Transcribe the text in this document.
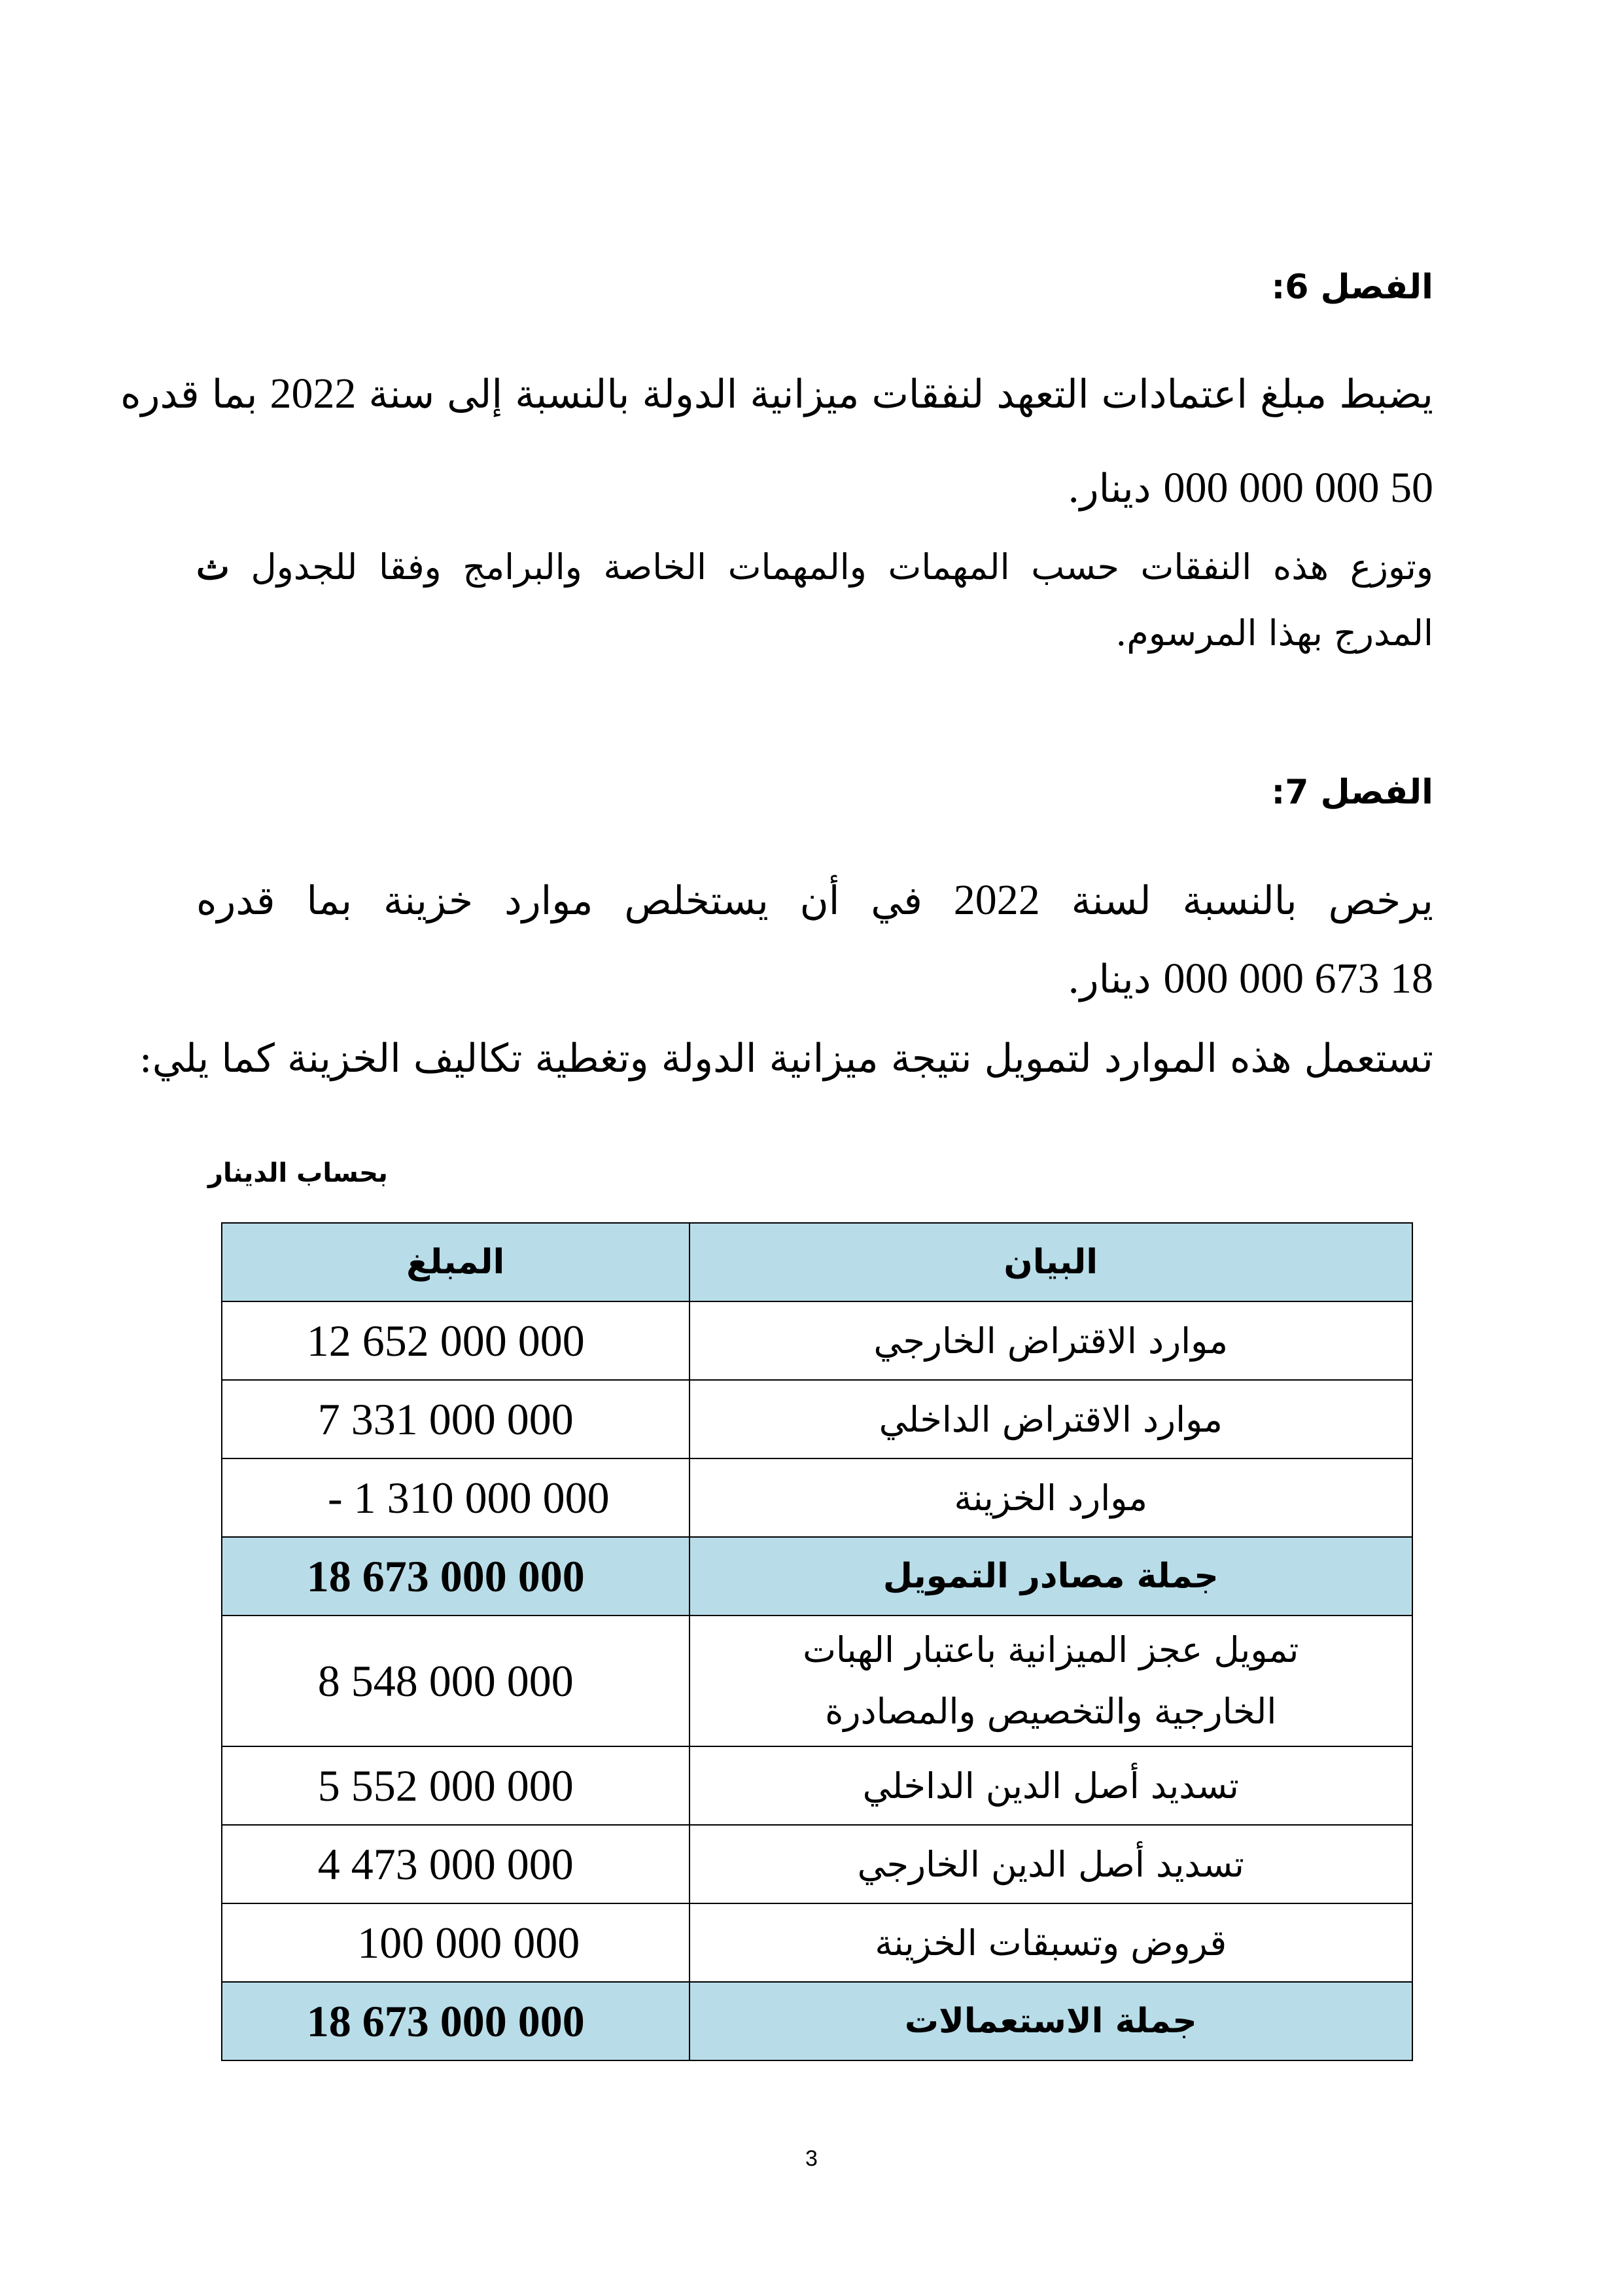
الفصل 6:

يضبط مبلغ اعتمادات التعهد لنفقات ميزانية الدولة بالنسبة إلى سنة 2022 بما قدره

000 000 000 50 دينار.

وتوزع هذه النفقات حسب المهمات والمهمات الخاصة والبرامج وفقا للجدول ث

المدرج بهذا المرسوم.

الفصل 7:

يرخص بالنسبة لسنة 2022 في أن يستخلص موارد خزينة بما قدره

000 000 673 18 دينار.

تستعمل هذه الموارد لتمويل نتيجة ميزانية الدولة وتغطية تكاليف الخزينة كما يلي:

بحساب الدينار
البيان	المبلغ
موارد الاقتراض الخارجي	12 652 000 000
موارد الاقتراض الداخلي	7 331 000 000
موارد الخزينة	- 1 310 000 000
جملة مصادر التمويل	18 673 000 000

تمويل عجز الميزانية باعتبار الهبات
الخارجية والتخصيص والمصادرة	8 548 000 000
تسديد أصل الدين الداخلي	5 552 000 000
تسديد أصل الدين الخارجي	4 473 000 000
قروض وتسبقات الخزينة	100 000 000
جملة الاستعمالات	18 673 000 000
3
